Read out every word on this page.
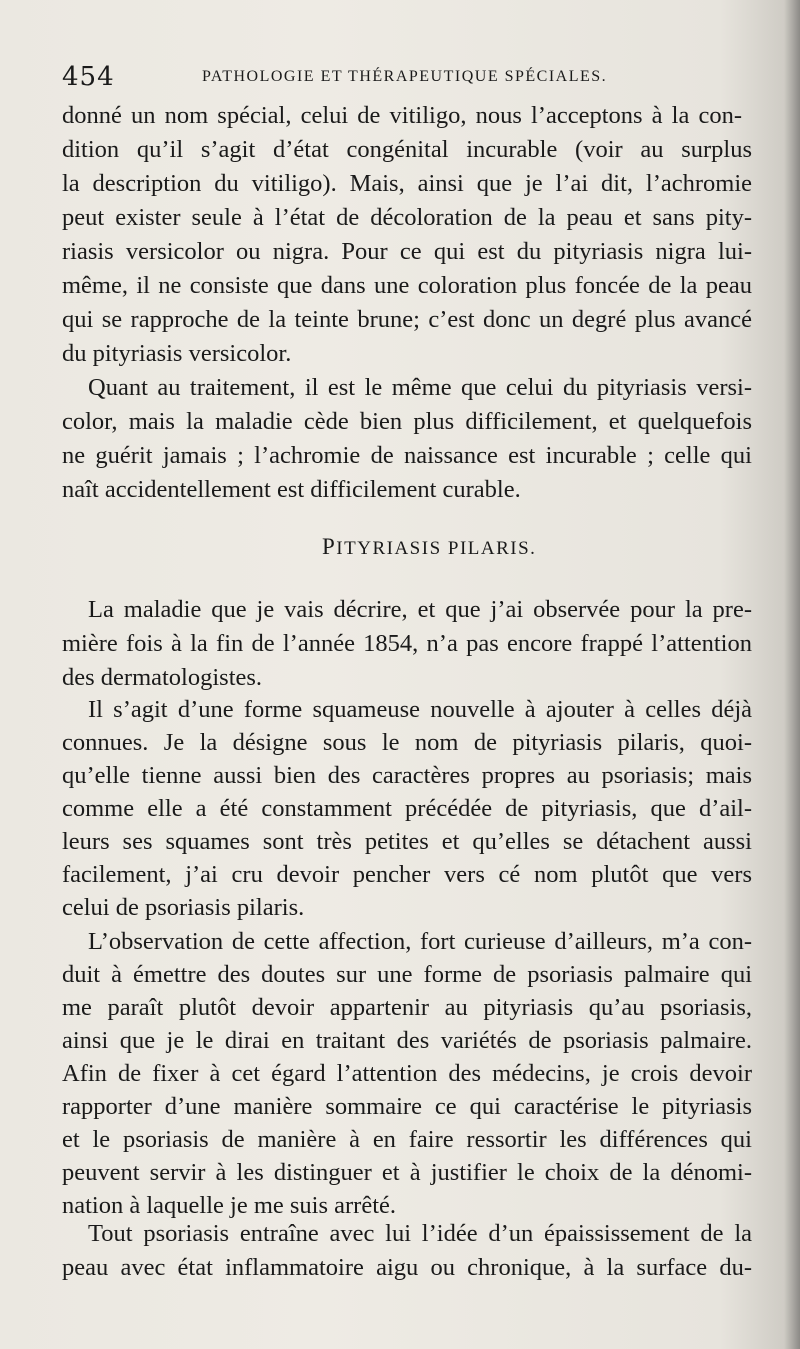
454	PATHOLOGIE ET THÉRAPEUTIQUE SPÉCIALES.
donné un nom spécial, celui de vitiligo, nous l’acceptons à la con-
dition qu’il s’agit d’état congénital incurable (voir au surplus
la description du vitiligo). Mais, ainsi que je l’ai dit, l’achromie
peut exister seule à l’état de décoloration de la peau et sans pity-
riasis versicolor ou nigra. Pour ce qui est du pityriasis nigra lui-
même, il ne consiste que dans une coloration plus foncée de la peau
qui se rapproche de la teinte brune; c’est donc un degré plus avancé
du pityriasis versicolor.
Quant au traitement, il est le même que celui du pityriasis versi-
color, mais la maladie cède bien plus difficilement, et quelquefois
ne guérit jamais ; l’achromie de naissance est incurable ; celle qui
naît accidentellement est difficilement curable.
PITYRIASIS PILARIS.
La maladie que je vais décrire, et que j’ai observée pour la pre-
mière fois à la fin de l’année 1854, n’a pas encore frappé l’attention
des dermatologistes.
Il s’agit d’une forme squameuse nouvelle à ajouter à celles déjà
connues. Je la désigne sous le nom de pityriasis pilaris, quoi-
qu’elle tienne aussi bien des caractères propres au psoriasis; mais
comme elle a été constamment précédée de pityriasis, que d’ail-
leurs ses squames sont très petites et qu’elles se détachent aussi
facilement, j’ai cru devoir pencher vers cé nom plutôt que vers
celui de psoriasis pilaris.
L’observation de cette affection, fort curieuse d’ailleurs, m’a con-
duit à émettre des doutes sur une forme de psoriasis palmaire qui
me paraît plutôt devoir appartenir au pityriasis qu’au psoriasis,
ainsi que je le dirai en traitant des variétés de psoriasis palmaire.
Afin de fixer à cet égard l’attention des médecins, je crois devoir
rapporter d’une manière sommaire ce qui caractérise le pityriasis
et le psoriasis de manière à en faire ressortir les différences qui
peuvent servir à les distinguer et à justifier le choix de la dénomi-
nation à laquelle je me suis arrêté.
Tout psoriasis entraîne avec lui l’idée d’un épaississement de la
peau avec état inflammatoire aigu ou chronique, à la surface du-
